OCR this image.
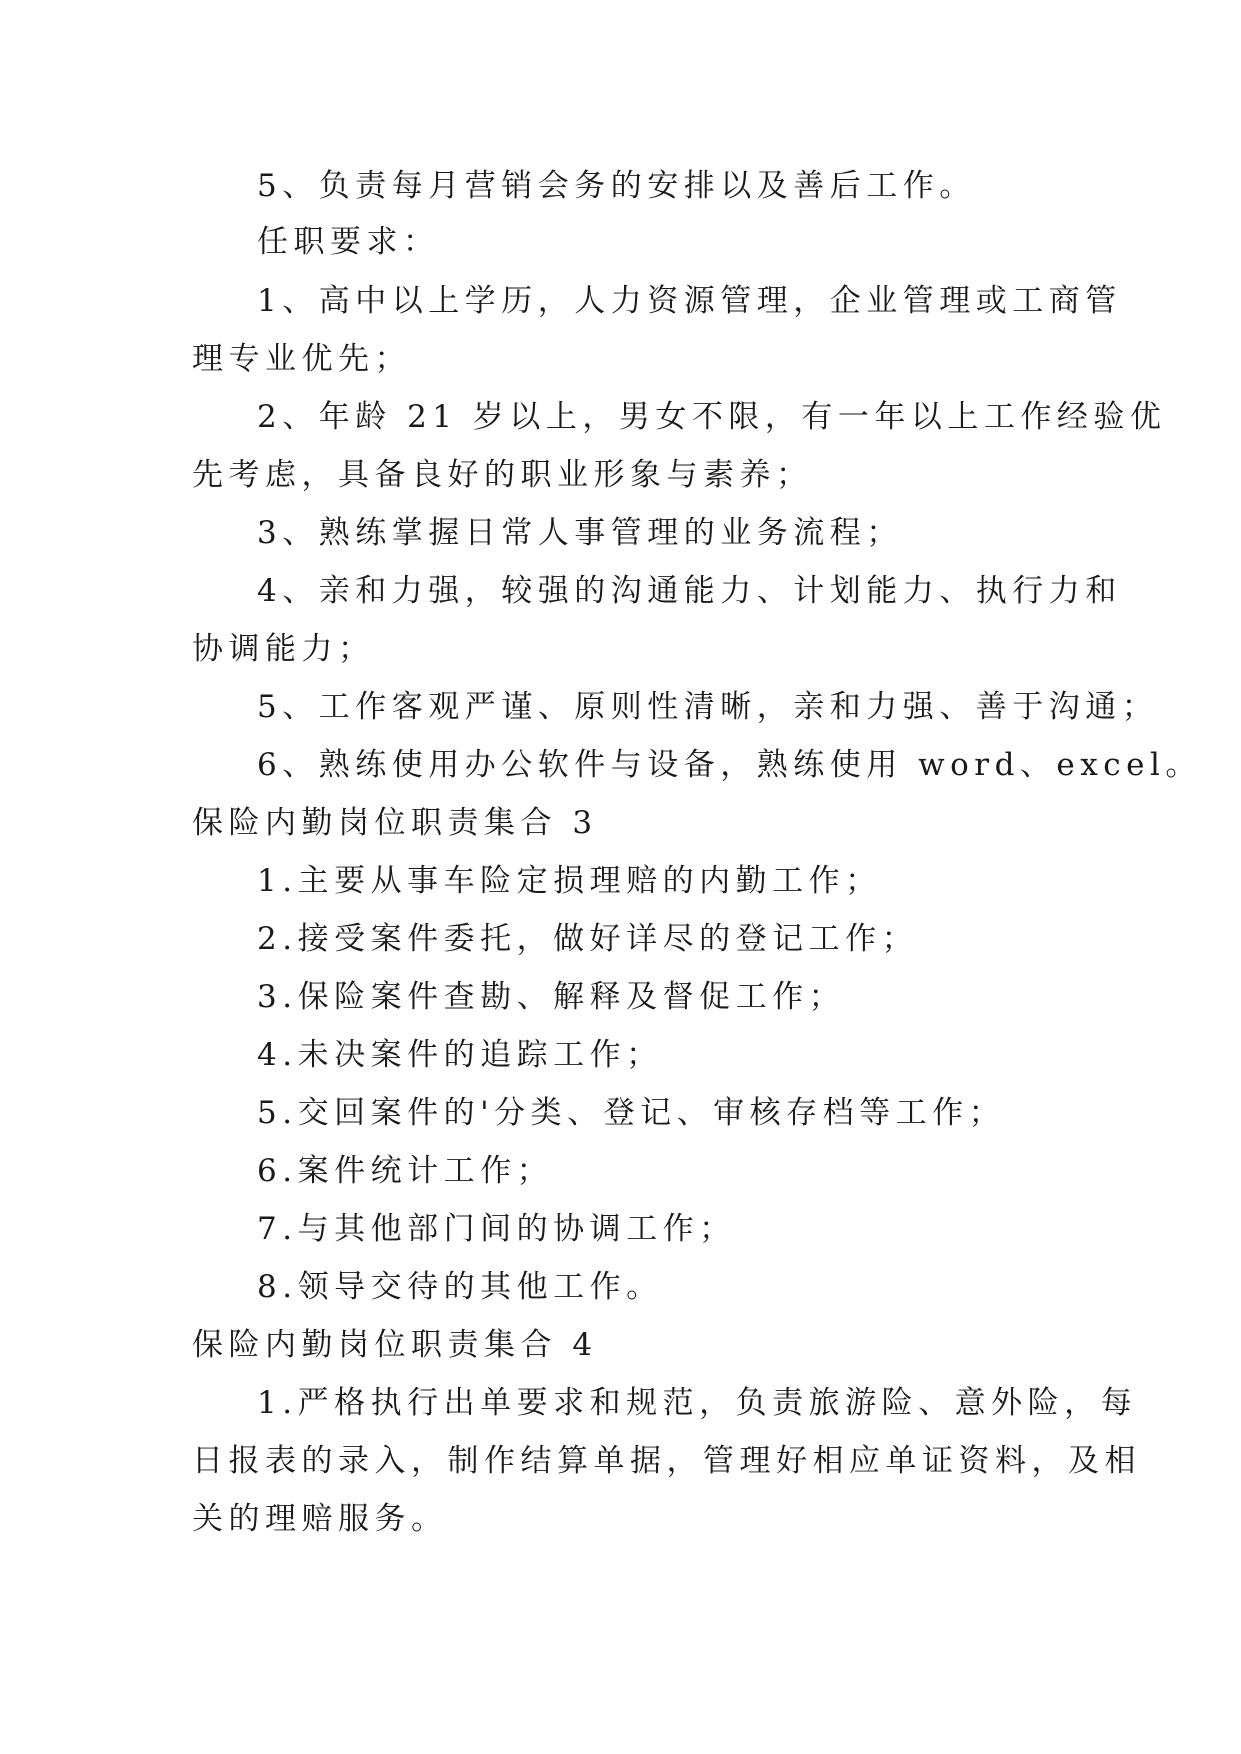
5、负责每月营销会务的安排以及善后工作。
任职要求：
1、高中以上学历，人力资源管理，企业管理或工商管
理专业优先；
2、年龄 21 岁以上，男女不限，有一年以上工作经验优
先考虑，具备良好的职业形象与素养；
3、熟练掌握日常人事管理的业务流程；
4、亲和力强，较强的沟通能力、计划能力、执行力和
协调能力；
5、工作客观严谨、原则性清晰，亲和力强、善于沟通；
6、熟练使用办公软件与设备，熟练使用 word、excel。
保险内勤岗位职责集合 3
1.主要从事车险定损理赔的内勤工作；
2.接受案件委托，做好详尽的登记工作；
3.保险案件查勘、解释及督促工作；
4.未决案件的追踪工作；
5.交回案件的'分类、登记、审核存档等工作；
6.案件统计工作；
7.与其他部门间的协调工作；
8.领导交待的其他工作。
保险内勤岗位职责集合 4
1.严格执行出单要求和规范，负责旅游险、意外险，每
日报表的录入，制作结算单据，管理好相应单证资料，及相
关的理赔服务。
